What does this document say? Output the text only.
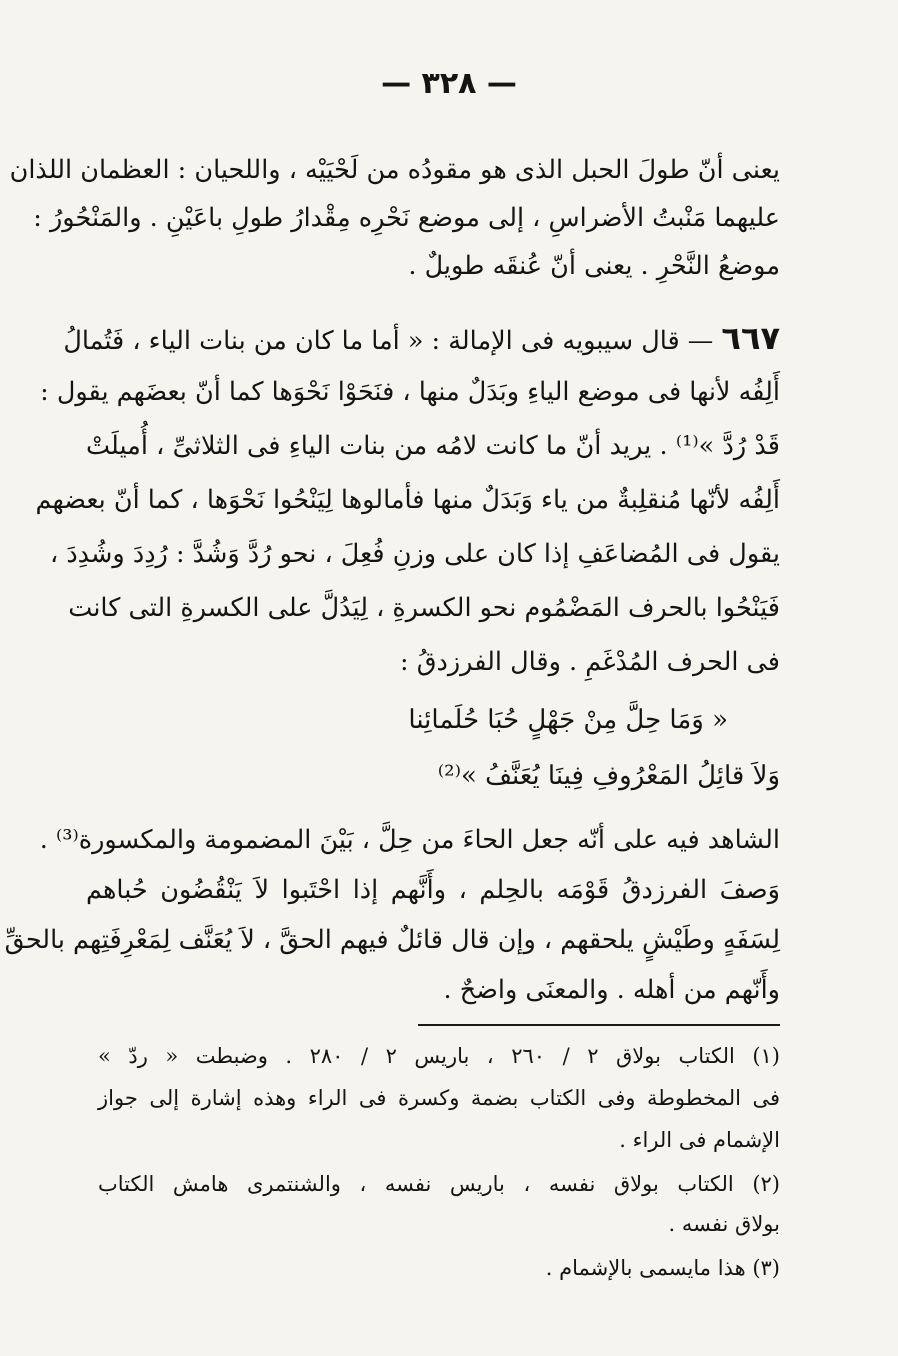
— ٣٢٨ —
يعنى أنّ طولَ الحبل الذى هو مقودُه من لَحْيَيْه ، واللحيان : العظمان اللذان
عليهما مَنْبتُ الأضراسِ ، إلى موضع نَحْرِه مِقْدارُ طولِ باعَيْنِ . والمَنْحُورُ :
موضعُ النَّحْرِ . يعنى أنّ عُنقَه طويلٌ .
٦٦٧ — قال سيبويه فى الإمالة : « أما ما كان من بنات الياء ، فَتُمالُ
أَلِفُه لأنها فى موضع الياءِ وبَدَلٌ منها ، فنَحَوْا نَحْوَها كما أنّ بعضَهم يقول :
قَدْ رُدَّ »⁽¹⁾ . يريد أنّ ما كانت لامُه من بنات الياءِ فى الثلاثىِّ ، أُميلَتْ
أَلِفُه لأنّها مُنقلِبةٌ من ياء وَبَدَلٌ منها فأمالوها لِيَنْحُوا نَحْوَها ، كما أنّ بعضهم
يقول فى المُضاعَفِ إذا كان على وزنِ فُعِلَ ، نحو رُدَّ وَشُدَّ : رُدِدَ وشُدِدَ ،
فَيَنْحُوا بالحرف المَضْمُوم نحو الكسرةِ ، لِيَدُلَّ على الكسرةِ التى كانت
فى الحرف المُدْغَمِ . وقال الفرزدقُ :
« وَمَا حِلَّ مِنْ جَهْلٍ حُبَا حُلَمائِنا
وَلاَ قائِلُ المَعْرُوفِ فِينَا يُعَنَّفُ »⁽²⁾
الشاهد فيه على أنّه جعل الحاءَ من حِلَّ ، بَيْنَ المضمومة والمكسورة⁽³⁾ .
وَصفَ الفرزدقُ قَوْمَه بالحِلم ، وأَنَّهم إذا احْتَبوا لاَ يَنْقُضُون حُباهم
لِسَفَهٍ وطَيْشٍ يلحقهم ، وإن قال قائلٌ فيهم الحقَّ ، لاَ يُعَنَّف لِمَعْرِفَتِهم بالحقِّ
وأَنّهم من أهله . والمعنَى واضحٌ .
(١) الكتاب بولاق ٢ / ٢٦٠ ، باريس ٢ / ٢٨٠ . وضبطت « ردّ »
فى المخطوطة وفى الكتاب بضمة وكسرة فى الراء وهذه إشارة إلى جواز
الإشمام فى الراء .
(٢) الكتاب بولاق نفسه ، باريس نفسه ، والشنتمرى هامش الكتاب
بولاق نفسه .
(٣) هذا مايسمى بالإشمام .
